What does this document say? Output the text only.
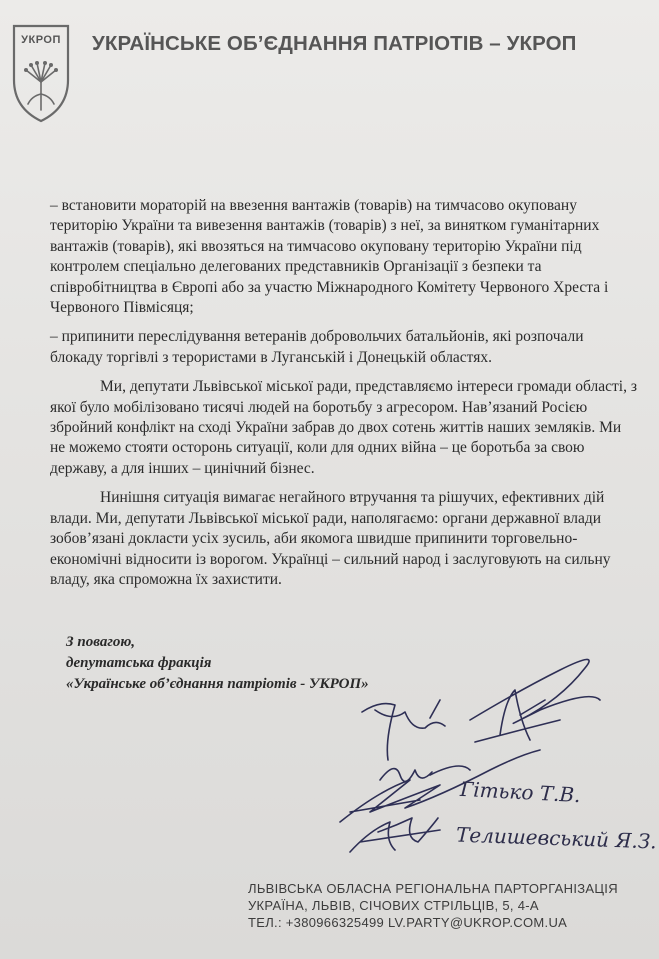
УКРОП	УКРАЇНСЬКЕ ОБ’ЄДНАННЯ ПАТРІОТІВ – УКРОП

– встановити мораторій на ввезення вантажів (товарів) на тимчасово окуповану територію України та вивезення вантажів (товарів) з неї, за винятком гуманітарних вантажів (товарів), які ввозяться на тимчасово окуповану територію України під контролем спеціально делегованих представників Організації з безпеки та співробітництва в Європі або за участю Міжнародного Комітету Червоного Хреста і Червоного Півмісяця;

– припинити переслідування ветеранів добровольчих батальйонів, які розпочали блокаду торгівлі з терористами в Луганській і Донецькій областях.

Ми, депутати Львівської міської ради, представляємо інтереси громади області, з якої було мобілізовано тисячі людей на боротьбу з агресором. Нав’язаний Росією збройний конфлікт на сході України забрав до двох сотень життів наших земляків. Ми не можемо стояти осторонь ситуації, коли для одних війна – це боротьба за свою державу, а для інших – цинічний бізнес.

Нинішня ситуація вимагає негайного втручання та рішучих, ефективних дій влади. Ми, депутати Львівської міської ради, наполягаємо: органи державної влади зобов’язані докласти усіх зусиль, аби якомога швидше припинити торговельно-економічні відносити із ворогом. Українці – сильний народ і заслуговують на сильну владу, яка спроможна їх захистити.

З повагою,
депутатська фракція
«Українське об’єднання патріотів - УКРОП»
Гітько Т.В.
Телишевський Я.З.
ЛЬВІВСЬКА ОБЛАСНА РЕГІОНАЛЬНА ПАРТОРГАНІЗАЦІЯ
УКРАЇНА, ЛЬВІВ, СІЧОВИХ СТРІЛЬЦІВ, 5, 4-А
ТЕЛ.: +380966325499 LV.PARTY@UKROP.COM.UA
